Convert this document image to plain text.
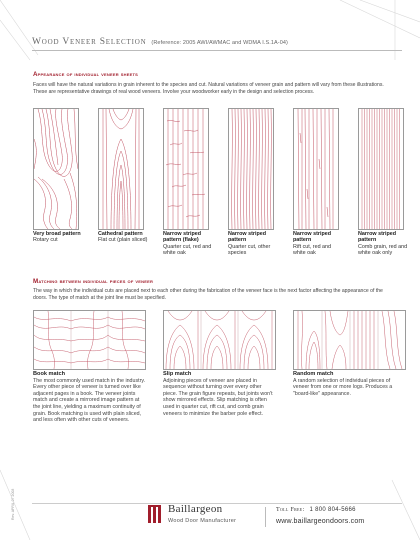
Wood Veneer Selection (Reference: 2005 AWI/AWMAC and WDMA I.S.1A-04)
Appearance of individual veneer sheets
Faces will have the natural variations in grain inherent to the species and cut. Natural variations of veneer grain and pattern will vary from these illustrations. These are representative drawings of real wood veneers. Involve your woodworker early in the design and selection process.
Very broad pattern
Rotary cut
Cathedral pattern
Flat cut (plain sliced)
Narrow striped pattern (flake)
Quarter cut, red and white oak
Narrow striped pattern
Quarter cut, other species
Narrow striped pattern
Rift cut, red and white oak
Narrow striped pattern
Comb grain, red and white oak only
Matching between individual pieces of veneer
The way in which the individual cuts are placed next to each other during the fabrication of the veneer face is the next factor affecting the appearance of the doors. The type of match at the joint line must be specified.
Book match
The most commonly used match in the industry. Every other piece of veneer is turned over like adjacent pages in a book. The veneer joints match and create a mirrored image pattern at the joint line, yielding a maximum continuity of grain. Book matching is used with plain sliced, and less often with other cuts of veneers.
Slip match
Adjoining pieces of veneer are placed in sequence without turning over every other piece. The grain figure repeats, but joints won't show mirrored effects. Slip matching is often used in quarter cut, rift cut, and comb grain veneers to minimize the barber pole effect.
Random match
A random selection of individual pieces of veneer from one or more logs. Produces a "board-like" appearance.
Baillargeon
Wood Door Manufacturer
Toll Free: 1 800 804-5666
www.baillargeondoors.com
Rev. APRIL 07 2008
